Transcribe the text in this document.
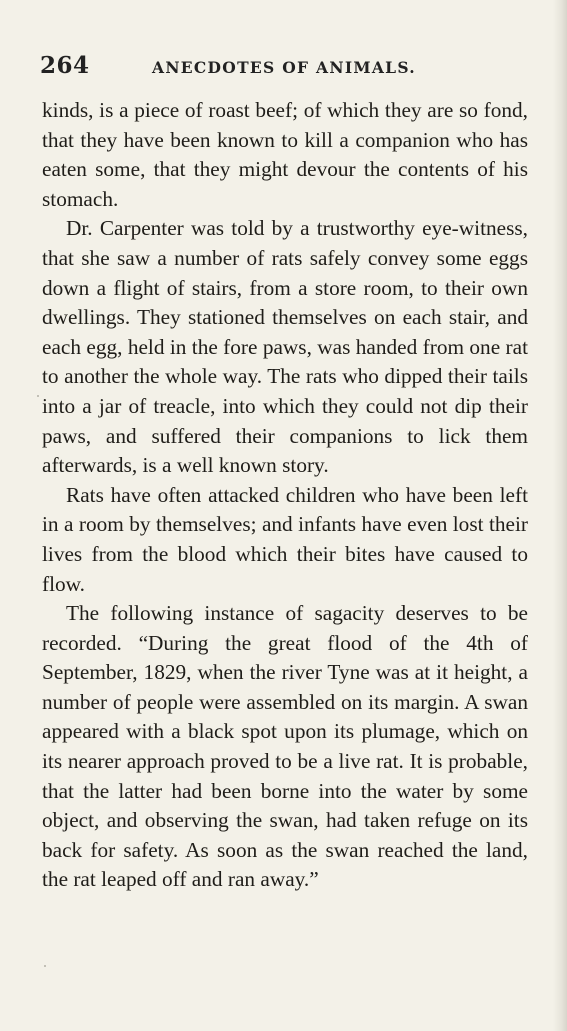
264	ANECDOTES OF ANIMALS.

kinds, is a piece of roast beef; of which they are so fond, that they have been known to kill a companion who has eaten some, that they might devour the contents of his stomach.

Dr. Carpenter was told by a trustworthy eye-witness, that she saw a number of rats safely convey some eggs down a flight of stairs, from a store room, to their own dwellings. They stationed themselves on each stair, and each egg, held in the fore paws, was handed from one rat to another the whole way. The rats who dipped their tails into a jar of treacle, into which they could not dip their paws, and suffered their companions to lick them afterwards, is a well known story.

Rats have often attacked children who have been left in a room by themselves; and infants have even lost their lives from the blood which their bites have caused to flow.

The following instance of sagacity deserves to be recorded. “During the great flood of the 4th of September, 1829, when the river Tyne was at it height, a number of people were assembled on its margin. A swan appeared with a black spot upon its plumage, which on its nearer approach proved to be a live rat. It is probable, that the latter had been borne into the water by some object, and observing the swan, had taken refuge on its back for safety. As soon as the swan reached the land, the rat leaped off and ran away.”
